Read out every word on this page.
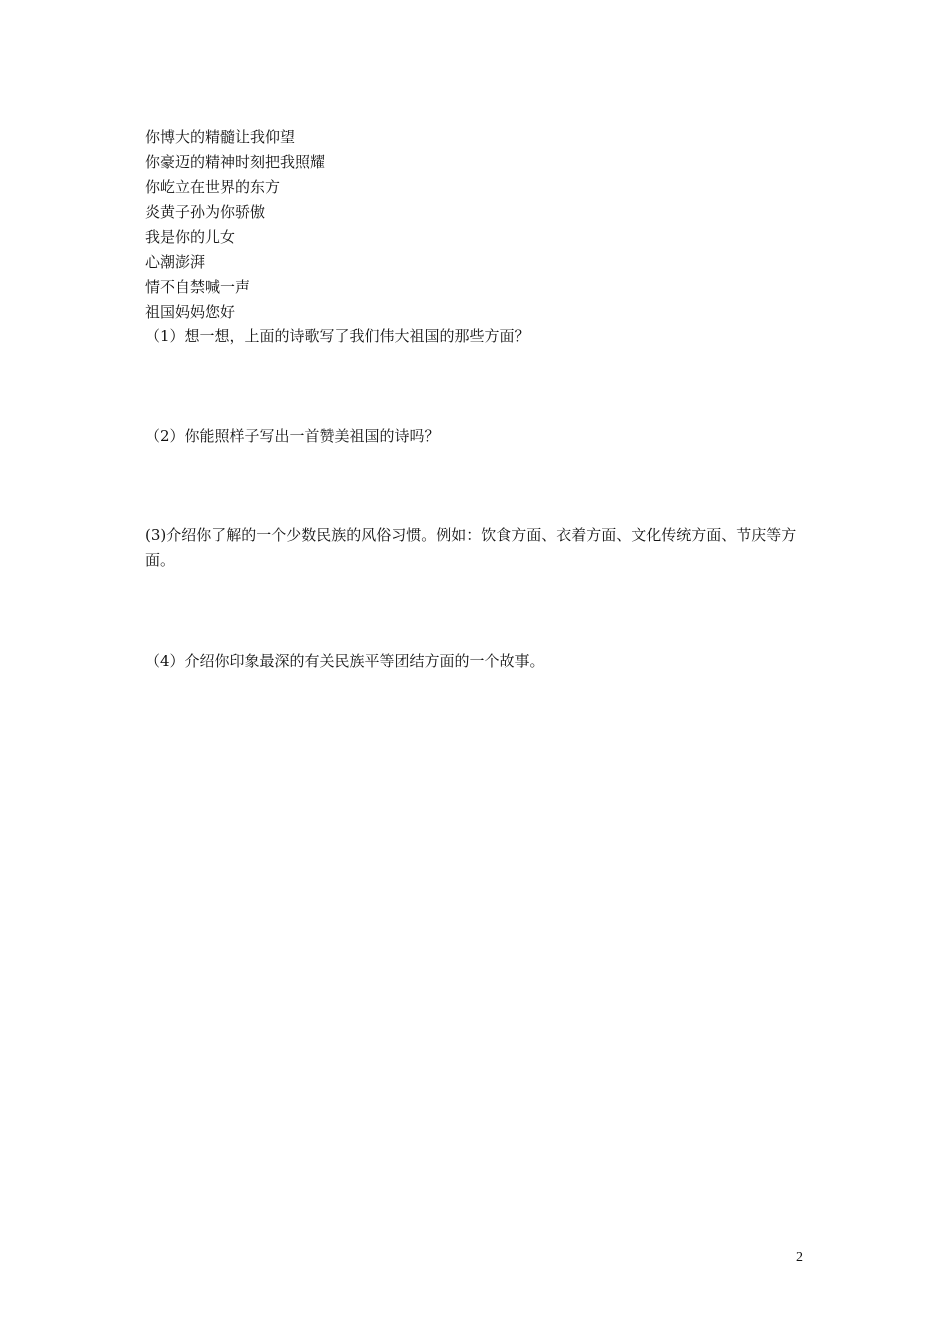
你博大的精髓让我仰望
你豪迈的精神时刻把我照耀
你屹立在世界的东方
炎黄子孙为你骄傲
我是你的儿女
心潮澎湃
情不自禁喊一声
祖国妈妈您好

（1）想一想，上面的诗歌写了我们伟大祖国的那些方面？

（2）你能照样子写出一首赞美祖国的诗吗？

(3)介绍你了解的一个少数民族的风俗习惯。例如：饮食方面、衣着方面、文化传统方面、节庆等方面。

（4）介绍你印象最深的有关民族平等团结方面的一个故事。

2
